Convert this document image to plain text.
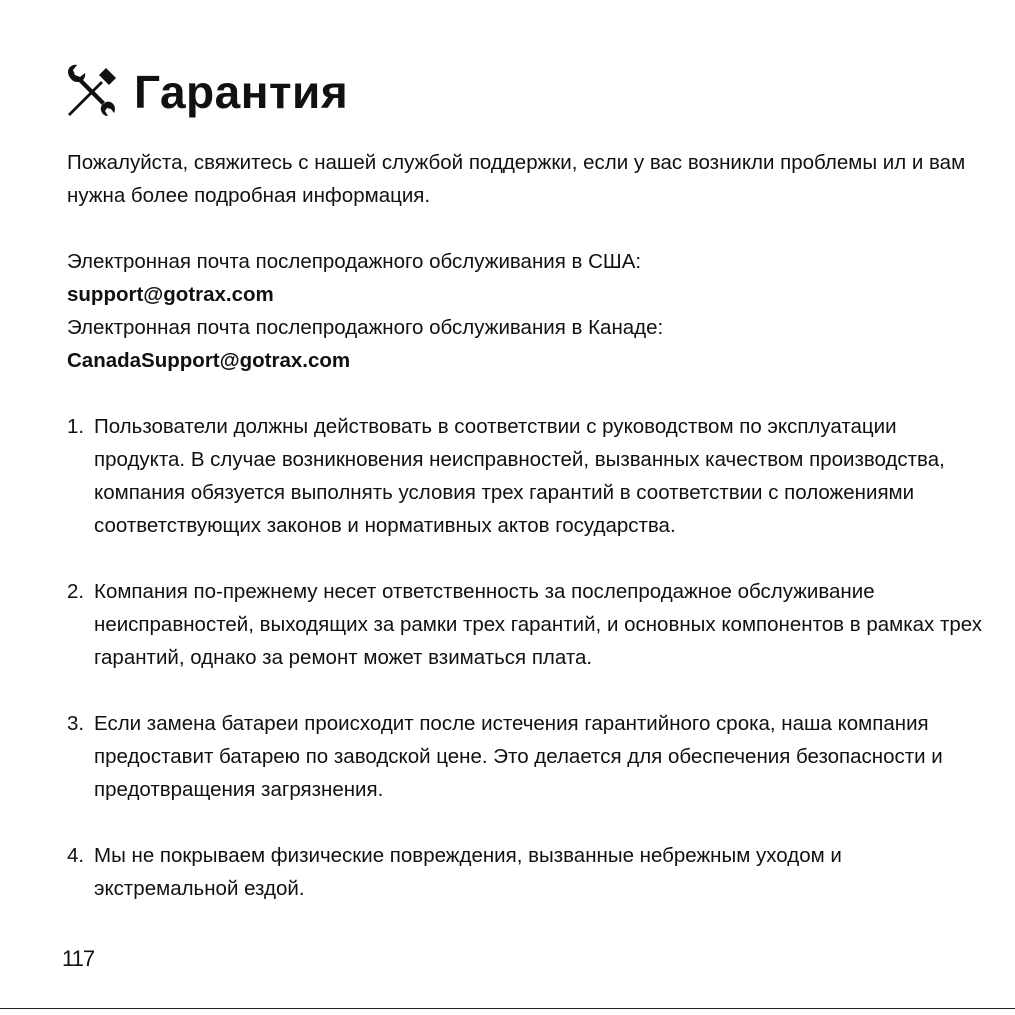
Гарантия

Пожалуйста, свяжитесь с нашей службой поддержки, если у вас возникли проблемы ил и вам нужна более подробная информация.

Электронная почта послепродажного обслуживания в США:

support@gotrax.com

Электронная почта послепродажного обслуживания в Канаде:

CanadaSupport@gotrax.com

1. Пользователи должны действовать в соответствии с руководством по эксплуатации продукта. В случае возникновения неисправностей, вызванных качеством производства, компания обязуется выполнять условия трех гарантий в соответствии с положениями соответствующих законов и нормативных актов государства.
2. Компания по-прежнему несет ответственность за послепродажное обслуживание неисправностей, выходящих за рамки трех гарантий, и основных компонентов в рамках трех гарантий, однако за ремонт может взиматься плата.
3. Если замена батареи происходит после истечения гарантийного срока, наша компания предоставит батарею по заводской цене. Это делается для обеспечения безопасности и предотвращения загрязнения.
4. Мы не покрываем физические повреждения, вызванные небрежным уходом и экстремальной ездой.
117
